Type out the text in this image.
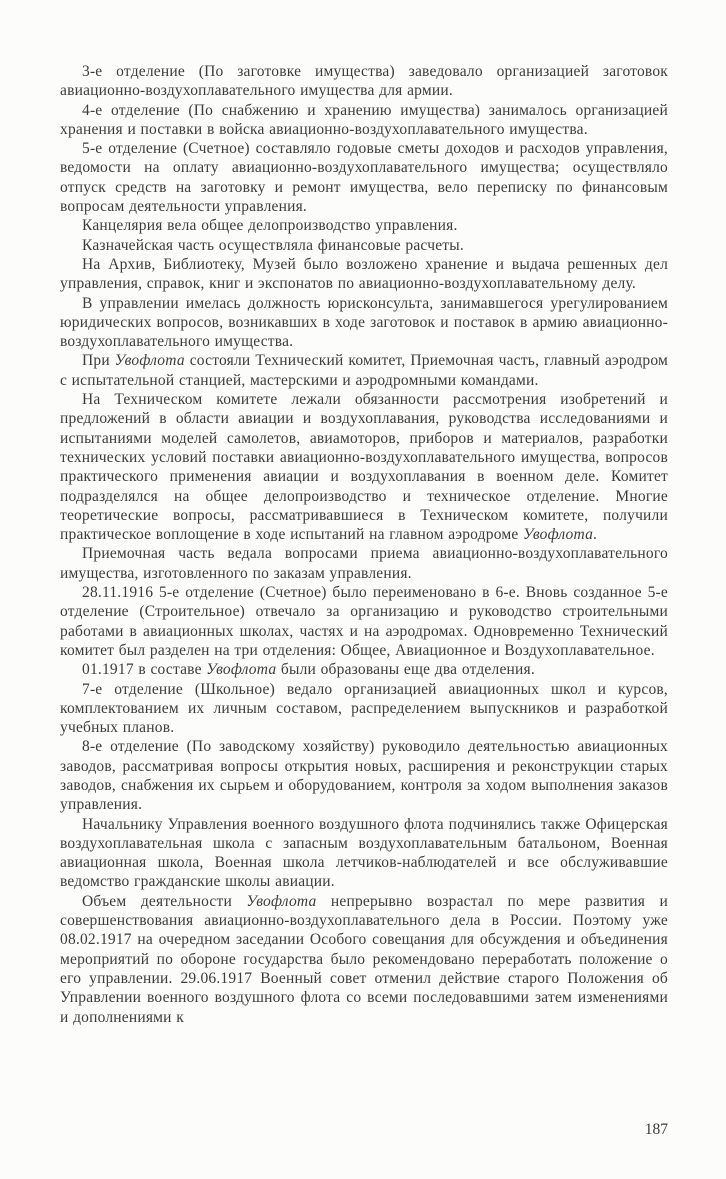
3-е отделение (По заготовке имущества) заведовало организацией заготовок авиационно-воздухоплавательного имущества для армии.

4-е отделение (По снабжению и хранению имущества) занималось организацией хранения и поставки в войска авиационно-воздухоплавательного имущества.

5-е отделение (Счетное) составляло годовые сметы доходов и расходов управления, ведомости на оплату авиационно-воздухоплавательного имущества; осуществляло отпуск средств на заготовку и ремонт имущества, вело переписку по финансовым вопросам деятельности управления.

Канцелярия вела общее делопроизводство управления.

Казначейская часть осуществляла финансовые расчеты.

На Архив, Библиотеку, Музей было возложено хранение и выдача решенных дел управления, справок, книг и экспонатов по авиационно-воздухоплавательному делу.

В управлении имелась должность юрисконсульта, занимавшегося урегулированием юридических вопросов, возникавших в ходе заготовок и поставок в армию авиационно-воздухоплавательного имущества.

При Увофлота состояли Технический комитет, Приемочная часть, главный аэродром с испытательной станцией, мастерскими и аэродромными командами.

На Техническом комитете лежали обязанности рассмотрения изобретений и предложений в области авиации и воздухоплавания, руководства исследованиями и испытаниями моделей самолетов, авиамоторов, приборов и материалов, разработки технических условий поставки авиационно-воздухоплавательного имущества, вопросов практического применения авиации и воздухоплавания в военном деле. Комитет подразделялся на общее делопроизводство и техническое отделение. Многие теоретические вопросы, рассматривавшиеся в Техническом комитете, получили практическое воплощение в ходе испытаний на главном аэродроме Увофлота.

Приемочная часть ведала вопросами приема авиационно-воздухоплавательного имущества, изготовленного по заказам управления.

28.11.1916 5-е отделение (Счетное) было переименовано в 6-е. Вновь созданное 5-е отделение (Строительное) отвечало за организацию и руководство строительными работами в авиационных школах, частях и на аэродромах. Одновременно Технический комитет был разделен на три отделения: Общее, Авиационное и Воздухоплавательное.

01.1917 в составе Увофлота были образованы еще два отделения.

7-е отделение (Школьное) ведало организацией авиационных школ и курсов, комплектованием их личным составом, распределением выпускников и разработкой учебных планов.

8-е отделение (По заводскому хозяйству) руководило деятельностью авиационных заводов, рассматривая вопросы открытия новых, расширения и реконструкции старых заводов, снабжения их сырьем и оборудованием, контроля за ходом выполнения заказов управления.

Начальнику Управления военного воздушного флота подчинялись также Офицерская воздухоплавательная школа с запасным воздухоплавательным батальоном, Военная авиационная школа, Военная школа летчиков-наблюдателей и все обслуживавшие ведомство гражданские школы авиации.

Объем деятельности Увофлота непрерывно возрастал по мере развития и совершенствования авиационно-воздухоплавательного дела в России. Поэтому уже 08.02.1917 на очередном заседании Особого совещания для обсуждения и объединения мероприятий по обороне государства было рекомендовано переработать положение о его управлении. 29.06.1917 Военный совет отменил действие старого Положения об Управлении военного воздушного флота со всеми последовавшими затем изменениями и дополнениями к

187
